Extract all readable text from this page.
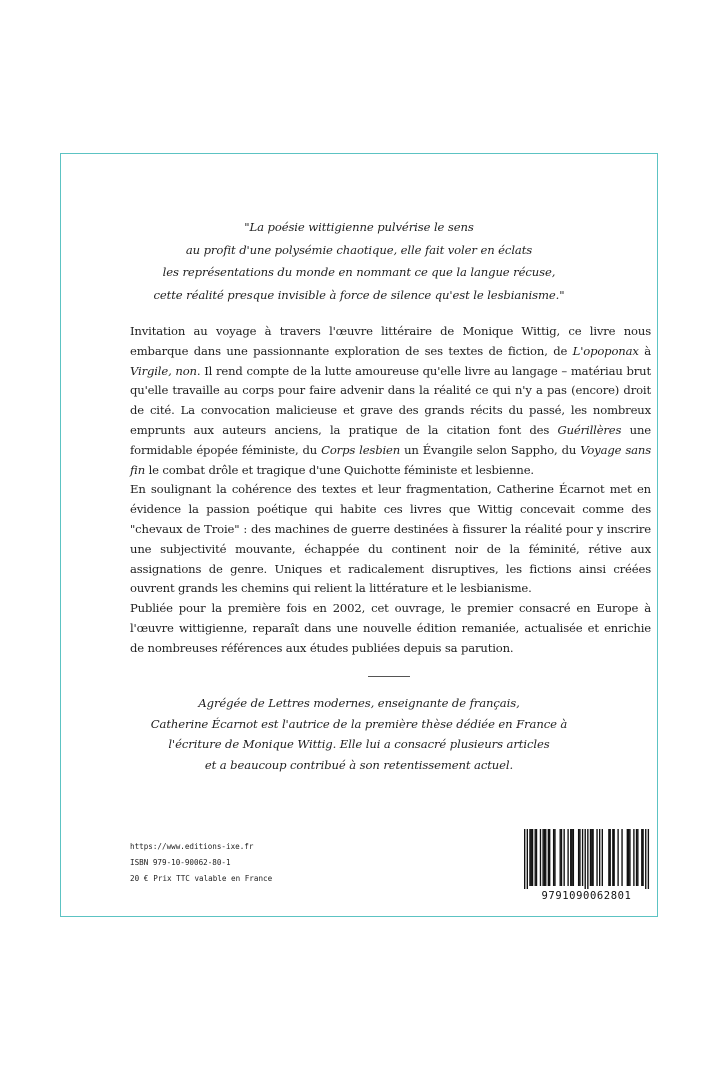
"La poésie wittigienne pulvérise le sens
au profit d'une polysémie chaotique, elle fait voler en éclats
les représentations du monde en nommant ce que la langue récuse,
cette réalité presque invisible à force de silence qu'est le lesbianisme."

Invitation au voyage à travers l'œuvre littéraire de Monique Wittig, ce livre nous embarque dans une passionnante exploration de ses textes de fiction, de L'opoponax à Virgile, non. Il rend compte de la lutte amoureuse qu'elle livre au langage – matériau brut qu'elle travaille au corps pour faire advenir dans la réalité ce qui n'y a pas (encore) droit de cité. La convocation malicieuse et grave des grands récits du passé, les nombreux emprunts aux auteurs anciens, la pratique de la citation font des Guérillères une formidable épopée féministe, du Corps lesbien un Évangile selon Sappho, du Voyage sans fin le combat drôle et tragique d'une Quichotte féministe et lesbienne.

En soulignant la cohérence des textes et leur fragmentation, Catherine Écarnot met en évidence la passion poétique qui habite ces livres que Wittig concevait comme des "chevaux de Troie" : des machines de guerre destinées à fissurer la réalité pour y inscrire une subjectivité mouvante, échappée du continent noir de la féminité, rétive aux assignations de genre. Uniques et radicalement disruptives, les fictions ainsi créées ouvrent grands les chemins qui relient la littérature et le lesbianisme.

Publiée pour la première fois en 2002, cet ouvrage, le premier consacré en Europe à l'œuvre wittigienne, reparaît dans une nouvelle édition remaniée, actualisée et enrichie de nombreuses références aux études publiées depuis sa parution.

Agrégée de Lettres modernes, enseignante de français,
Catherine Écarnot est l'autrice de la première thèse dédiée en France à
l'écriture de Monique Wittig. Elle lui a consacré plusieurs articles
et a beaucoup contribué à son retentissement actuel.
https://www.editions-ixe.fr
ISBN 979-10-90062-80-1
20 € Prix TTC valable en France
9791090062801
